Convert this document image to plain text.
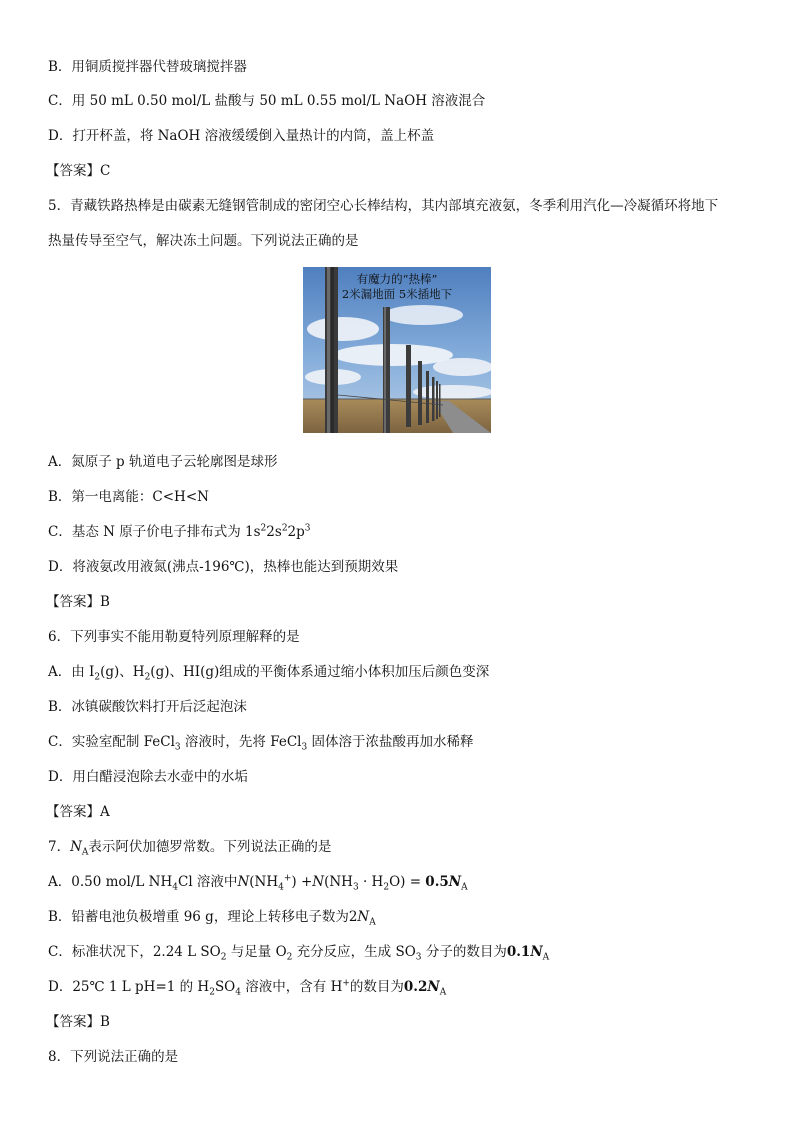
B．用铜质搅拌器代替玻璃搅拌器
C．用 50 mL 0.50 mol/L 盐酸与 50 mL 0.55 mol/L NaOH 溶液混合
D．打开杯盖，将 NaOH 溶液缓缓倒入量热计的内筒，盖上杯盖
【答案】C
5．青藏铁路热棒是由碳素无缝钢管制成的密闭空心长棒结构，其内部填充液氨，冬季利用汽化—冷凝循环将地下
热量传导至空气，解决冻土问题。下列说法正确的是
有魔力的“热棒”
2米漏地面 5米插地下
A．氮原子 p 轨道电子云轮廓图是球形
B．第一电离能：C<H<N
C．基态 N 原子价电子排布式为 $1s^22s^22p^3$
D．将液氨改用液氮(沸点-196℃)，热棒也能达到预期效果
【答案】B
6．下列事实不能用勒夏特列原理解释的是
A．由 $I_2(g)$、$H_2(g)$、HI(g)组成的平衡体系通过缩小体积加压后颜色变深
B．冰镇碳酸饮料打开后泛起泡沫
C．实验室配制 FeCl$_3$ 溶液时，先将 FeCl$_3$ 固体溶于浓盐酸再加水稀释
D．用白醋浸泡除去水壶中的水垢
【答案】A
7．$N_A$表示阿伏加德罗常数。下列说法正确的是
A．0.50 mol/L $NH_4Cl$ 溶液中$N(NH_4^+) +N(NH_3 \cdot H_2O) = 0.5N_A$
B．铅蓄电池负极增重 96 g，理论上转移电子数为$2N_A$
C．标准状况下，2.24 L $SO_2$ 与足量 $O_2$ 充分反应，生成 $SO_3$ 分子的数目为$0.1N_A$
D．25℃ 1 L pH=1 的 $H_2SO_4$ 溶液中，含有 H+的数目为$0.2N_A$
【答案】B
8．下列说法正确的是
